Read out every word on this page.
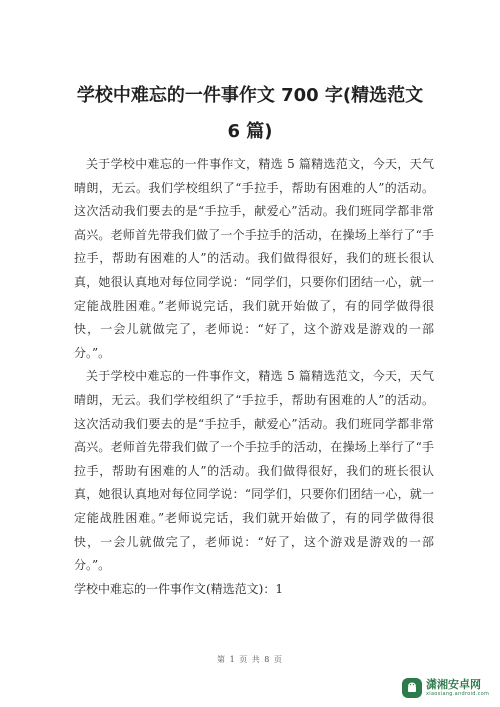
学校中难忘的一件事作文 700 字(精选范文
6 篇)
关于学校中难忘的一件事作文，精选 5 篇精选范文，今天，天气
晴朗，无云。我们学校组织了“手拉手，帮助有困难的人”的活动。
这次活动我们要去的是“手拉手，献爱心”活动。我们班同学都非常
高兴。老师首先带我们做了一个手拉手的活动，在操场上举行了“手
拉手，帮助有困难的人”的活动。我们做得很好，我们的班长很认
真，她很认真地对每位同学说：“同学们，只要你们团结一心，就一
定能战胜困难。”老师说完话，我们就开始做了，有的同学做得很
快，一会儿就做完了，老师说：“好了，这个游戏是游戏的一部
分。”。
关于学校中难忘的一件事作文，精选 5 篇精选范文，今天，天气
晴朗，无云。我们学校组织了“手拉手，帮助有困难的人”的活动。
这次活动我们要去的是“手拉手，献爱心”活动。我们班同学都非常
高兴。老师首先带我们做了一个手拉手的活动，在操场上举行了“手
拉手，帮助有困难的人”的活动。我们做得很好，我们的班长很认
真，她很认真地对每位同学说：“同学们，只要你们团结一心，就一
定能战胜困难。”老师说完话，我们就开始做了，有的同学做得很
快，一会儿就做完了，老师说：“好了，这个游戏是游戏的一部
分。”。

学校中难忘的一件事作文(精选范文)：1

第 1 页 共 8 页
潇湘安卓网
xiaoxiang.android.com
